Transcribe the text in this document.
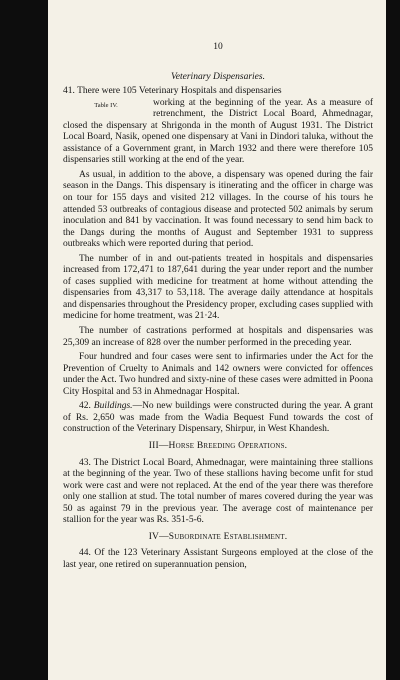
10
Veterinary Dispensaries.

41. There were 105 Veterinary Hospitals and dispensaries
Table IV.	working at the beginning of the year. As a measure of retrenchment, the District Local Board, Ahmednagar, closed the dispensary at Shrigonda in the month of August 1931. The District Local Board, Nasik, opened one dispensary at Vani in Dindori taluka, without the assistance of a Government grant, in March 1932 and there were therefore 105 dispensaries still working at the end of the year.

As usual, in addition to the above, a dispensary was opened during the fair season in the Dangs. This dispensary is itinerating and the officer in charge was on tour for 155 days and visited 212 villages. In the course of his tours he attended 53 outbreaks of contagious disease and protected 502 animals by serum inoculation and 841 by vaccination. It was found necessary to send him back to the Dangs during the months of August and September 1931 to suppress outbreaks which were reported during that period.

The number of in and out-patients treated in hospitals and dispensaries increased from 172,471 to 187,641 during the year under report and the number of cases supplied with medicine for treatment at home without attending the dispensaries from 43,317 to 53,118. The average daily attendance at hospitals and dispensaries throughout the Presidency proper, excluding cases supplied with medicine for home treatment, was 21·24.

The number of castrations performed at hospitals and dispensaries was 25,309 an increase of 828 over the number performed in the preceding year.

Four hundred and four cases were sent to infirmaries under the Act for the Prevention of Cruelty to Animals and 142 owners were convicted for offences under the Act. Two hundred and sixty-nine of these cases were admitted in Poona City Hospital and 53 in Ahmednagar Hospital.

42. Buildings.—No new buildings were constructed during the year. A grant of Rs. 2,650 was made from the Wadia Bequest Fund towards the cost of construction of the Veterinary Dispensary, Shirpur, in West Khandesh.

III—Horse Breeding Operations.

43. The District Local Board, Ahmednagar, were maintaining three stallions at the beginning of the year. Two of these stallions having become unfit for stud work were cast and were not replaced. At the end of the year there was therefore only one stallion at stud. The total number of mares covered during the year was 50 as against 79 in the previous year. The average cost of maintenance per stallion for the year was Rs. 351-5-6.

IV—Subordinate Establishment.

44. Of the 123 Veterinary Assistant Surgeons employed at the close of the last year, one retired on superannuation pension,
